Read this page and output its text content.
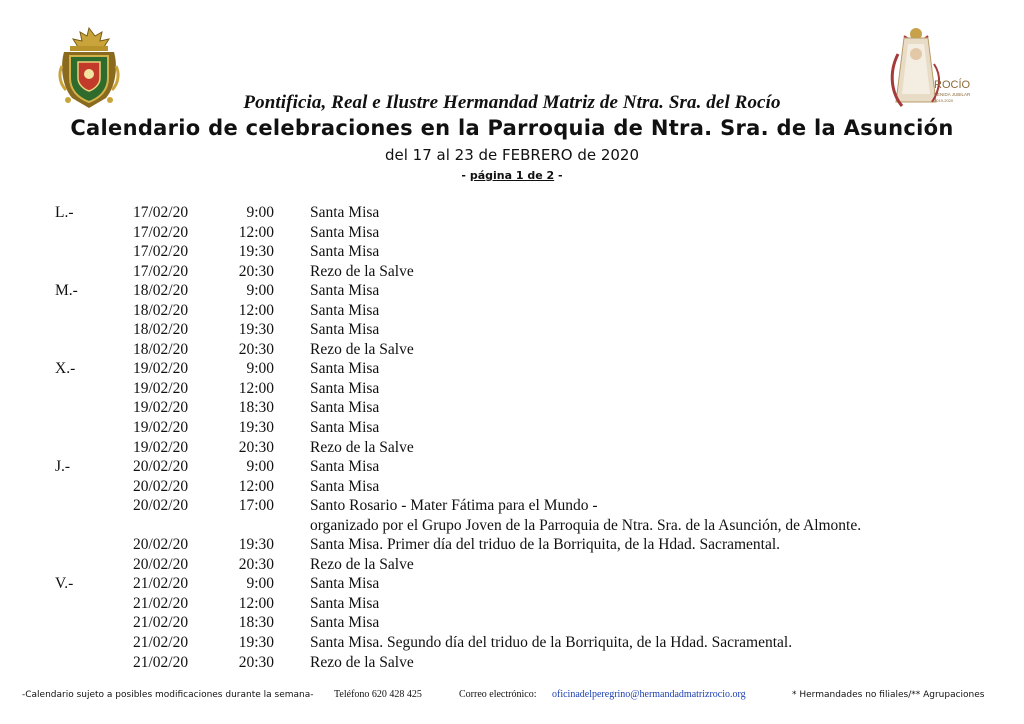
ROCÍO
VENIDA JUBILAR
2019-2020
Pontificia, Real e Ilustre Hermandad Matriz de Ntra. Sra. del Rocío
Calendario de celebraciones en la Parroquia de Ntra. Sra. de la Asunción
del 17 al 23 de FEBRERO de 2020
- página 1 de 2 -
L.-	17/02/20	9:00 Santa Misa
17/02/20	12:00 Santa Misa
17/02/20	19:30 Santa Misa
17/02/20	20:30 Rezo de la Salve
M.-	18/02/20	9:00 Santa Misa
18/02/20	12:00 Santa Misa
18/02/20	19:30 Santa Misa
18/02/20	20:30 Rezo de la Salve
X.-	19/02/20	9:00 Santa Misa
19/02/20	12:00 Santa Misa
19/02/20	18:30 Santa Misa
19/02/20	19:30 Santa Misa
19/02/20	20:30 Rezo de la Salve
J.-	20/02/20	9:00 Santa Misa
20/02/20	12:00 Santa Misa
20/02/20	17:00 Santo Rosario - Mater Fátima para el Mundo -
organizado por el Grupo Joven de la Parroquia de Ntra. Sra. de la Asunción, de Almonte.
20/02/20	19:30 Santa Misa. Primer día del triduo de la Borriquita, de la Hdad. Sacramental.
20/02/20	20:30 Rezo de la Salve
V.-	21/02/20	9:00 Santa Misa
21/02/20	12:00 Santa Misa
21/02/20	18:30 Santa Misa
21/02/20	19:30 Santa Misa. Segundo día del triduo de la Borriquita, de la Hdad. Sacramental.
21/02/20	20:30 Rezo de la Salve
-Calendario sujeto a posibles modificaciones durante la semana- Teléfono 620 428 425	Correo electrónico: oficinadelperegrino@hermandadmatrizrocio.org	* Hermandades no filiales/** Agrupaciones
